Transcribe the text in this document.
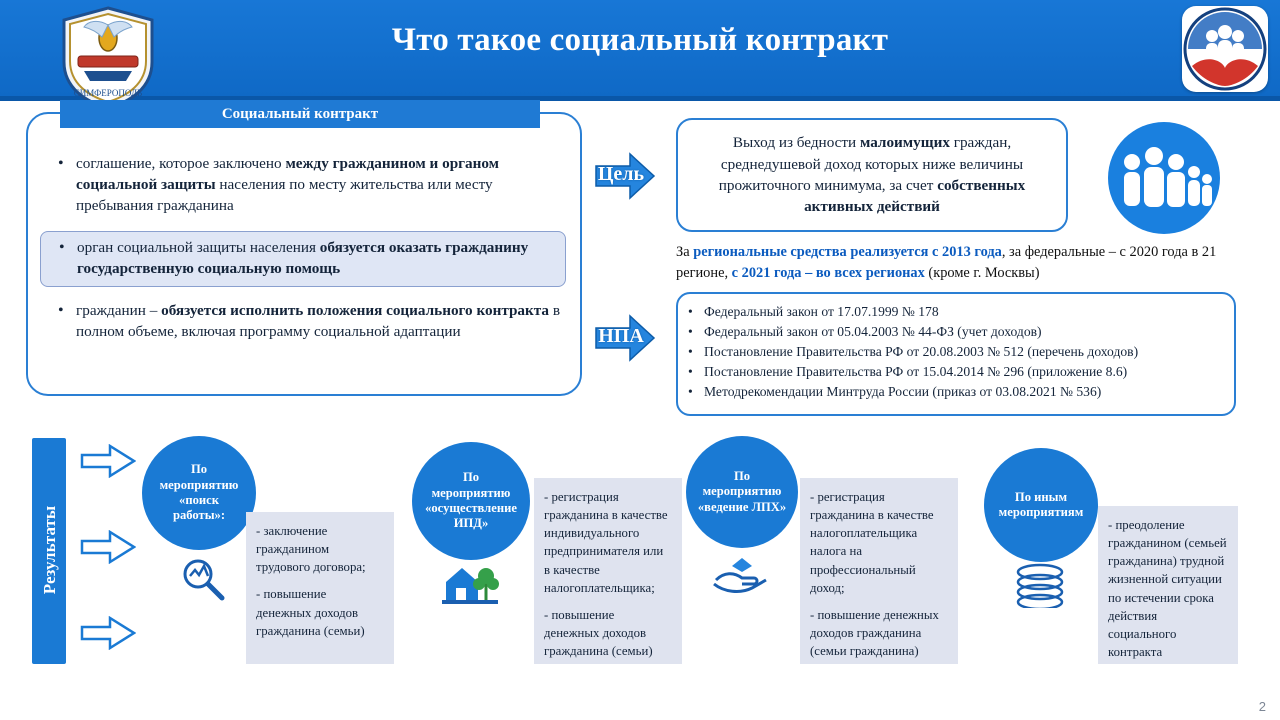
Что такое социальный контракт
СИМФЕРОПОЛЬ
Социальный контракт
• соглашение, которое заключено между гражданином и органом социальной защиты населения по месту жительства или месту пребывания гражданина
• орган социальной защиты населения обязуется оказать гражданину государственную социальную помощь
• гражданин – обязуется исполнить положения социального контракта в полном объеме, включая программу социальной адаптации
Цель
Выход из бедности малоимущих граждан, среднедушевой доход которых ниже величины прожиточного минимума, за счет собственных активных действий
За региональные средства реализуется с 2013 года, за федеральные – с 2020 года в 21 регионе, с 2021 года – во всех регионах (кроме г. Москвы)
НПА
• Федеральный закон от 17.07.1999 № 178
• Федеральный закон от 05.04.2003 № 44-ФЗ (учет доходов)
• Постановление Правительства РФ от 20.08.2003 № 512 (перечень доходов)
• Постановление Правительства РФ от 15.04.2014 № 296 (приложение 8.6)
• Методрекомендации Минтруда России (приказ от 03.08.2021 № 536)
Результаты
По мероприятию «поиск работы»:

- заключение гражданином трудового договора;

- повышение денежных доходов гражданина (семьи)

По мероприятию «осуществление ИПД»

- регистрация гражданина в качестве индивидуального предпринимателя или в качестве налогоплательщика;

- повышение денежных доходов гражданина (семьи)

По мероприятию «ведение ЛПХ»

- регистрация гражданина в качестве налогоплательщика налога на профессиональный доход;

- повышение денежных доходов гражданина (семьи гражданина)

По иным мероприятиям

- преодоление гражданином (семьей гражданина) трудной жизненной ситуации по истечении срока действия социального контракта

2
